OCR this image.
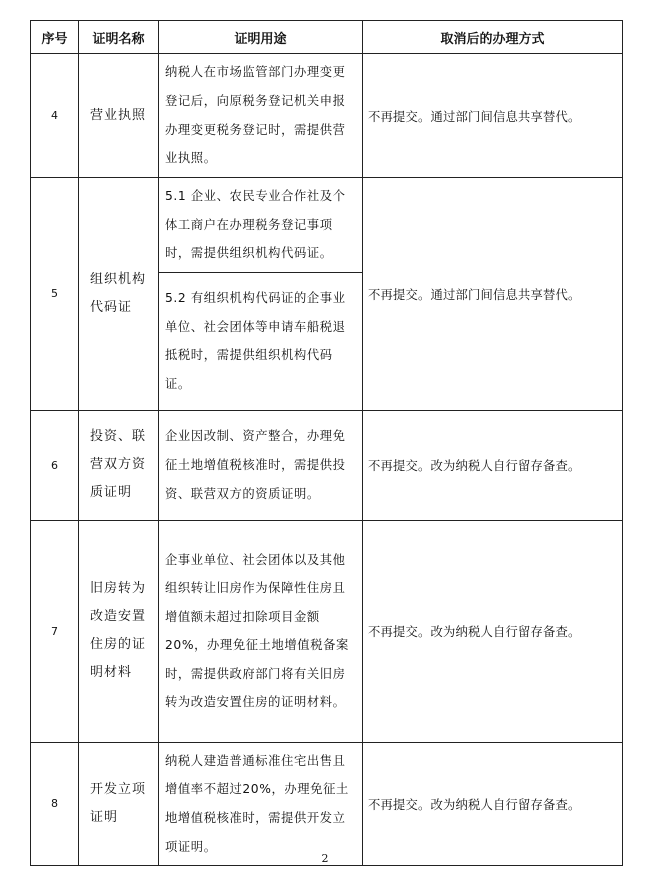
序号	证明名称	证明用途	取消后的办理方式
4	营业执照	纳税人在市场监管部门办理变更登记后，向原税务登记机关申报办理变更税务登记时，需提供营业执照。	不再提交。通过部门间信息共享替代。
5	组织机构代码证	5.1 企业、农民专业合作社及个体工商户在办理税务登记事项时，需提供组织机构代码证。	不再提交。通过部门间信息共享替代。
		5.2 有组织机构代码证的企事业单位、社会团体等申请车船税退抵税时，需提供组织机构代码证。	
6	投资、联营双方资质证明	企业因改制、资产整合，办理免征土地增值税核准时，需提供投资、联营双方的资质证明。	不再提交。改为纳税人自行留存备查。
7	旧房转为改造安置住房的证明材料	企事业单位、社会团体以及其他组织转让旧房作为保障性住房且增值额未超过扣除项目金额20%，办理免征土地增值税备案时，需提供政府部门将有关旧房转为改造安置住房的证明材料。	不再提交。改为纳税人自行留存备查。
8	开发立项证明	纳税人建造普通标准住宅出售且增值率不超过20%，办理免征土地增值税核准时，需提供开发立项证明。	不再提交。改为纳税人自行留存备查。
2
